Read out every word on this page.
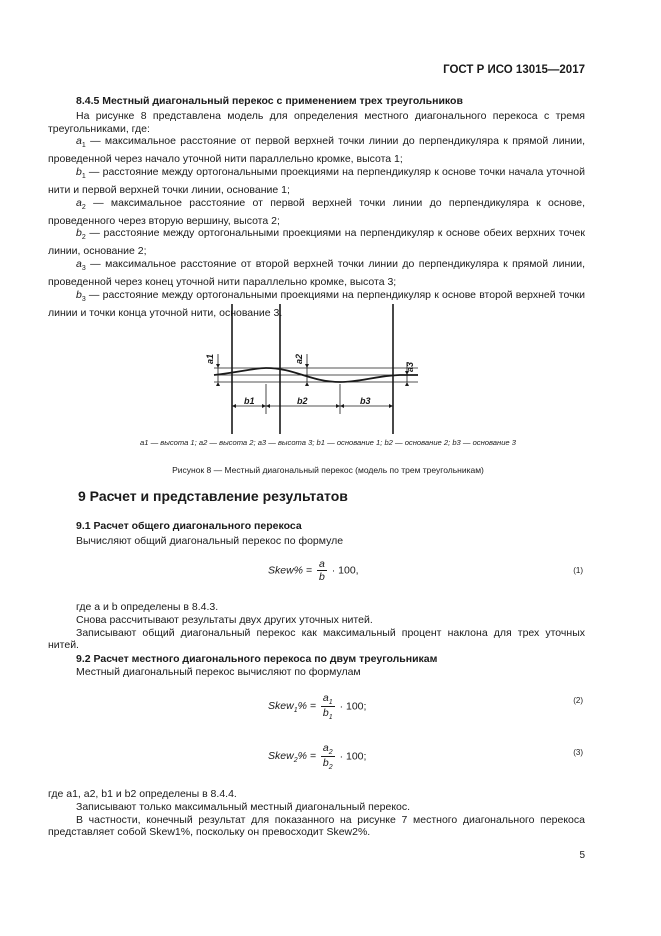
ГОСТ Р ИСО 13015—2017

8.4.5 Местный диагональный перекос с применением трех треугольников

На рисунке 8 представлена модель для определения местного диагонального перекоса с тремя треугольниками, где:

$a_1$ — максимальное расстояние от первой верхней точки линии до перпендикуляра к прямой линии, проведенной через начало уточной нити параллельно кромке, высота 1;

$b_1$ — расстояние между ортогональными проекциями на перпендикуляр к основе точки начала уточной нити и первой верхней точки линии, основание 1;

$a_2$ — максимальное расстояние от первой верхней точки линии до перпендикуляра к основе, проведенного через вторую вершину, высота 2;

$b_2$ — расстояние между ортогональными проекциями на перпендикуляр к основе обеих верхних точек линии, основание 2;

$a_3$ — максимальное расстояние от второй верхней точки линии до перпендикуляра к прямой линии, проведенной через конец уточной нити параллельно кромке, высота 3;

$b_3$ — расстояние между ортогональными проекциями на перпендикуляр к основе второй верхней точки линии и точки конца уточной нити, основание 3.

a1	a2
a3
b1	b2	b3
a1 — высота 1; a2 — высота 2; a3 — высота 3; b1 — основание 1; b2 — основание 2; b3 — основание 3
Рисунок 8 — Местный диагональный перекос (модель по трем треугольникам)
9 Расчет и представление результатов

9.1 Расчет общего диагонального перекоса

Вычисляют общий диагональный перекос по формуле

Skew% = $\frac{a}{b} \cdot 100$,	(1)

где a и b определены в 8.4.3.

Снова рассчитывают результаты двух других уточных нитей.

Записывают общий диагональный перекос как максимальный процент наклона для трех уточных нитей.

9.2 Расчет местного диагонального перекоса по двум треугольникам

Местный диагональный перекос вычисляют по формулам

Skew$_1$% = $\frac{a_1}{b_1} \cdot 100$;	(2)
Skew$_2$% = $\frac{a_2}{b_2} \cdot 100$;	(3)

где a1, a2, b1 и b2 определены в 8.4.4.

Записывают только максимальный местный диагональный перекос.

В частности, конечный результат для показанного на рисунке 7 местного диагонального перекоса представляет собой Skew1%, поскольку он превосходит Skew2%.

5
